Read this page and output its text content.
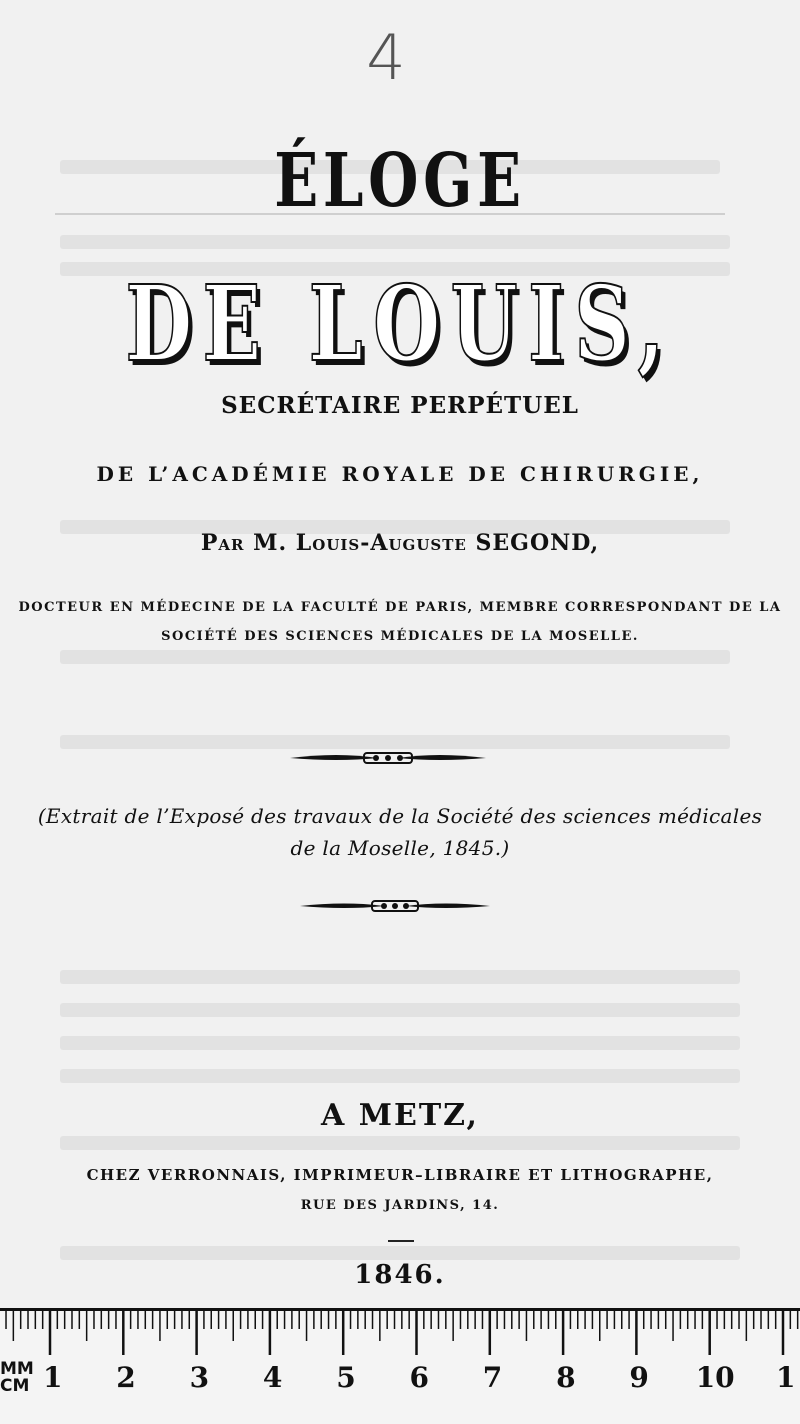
4
ÉLOGE
DE LOUIS,
SECRÉTAIRE PERPÉTUEL
DE L’ACADÉMIE ROYALE DE CHIRURGIE,
Par M. Louis-Auguste SEGOND,
DOCTEUR EN MÉDECINE DE LA FACULTÉ DE PARIS, MEMBRE CORRESPONDANT DE LA
SOCIÉTÉ DES SCIENCES MÉDICALES DE LA MOSELLE.
(Extrait de l’Exposé des travaux de la Société des sciences médicales
de la Moselle, 1845.)
A METZ,
CHEZ VERRONNAIS, IMPRIMEUR–LIBRAIRE ET LITHOGRAPHE,
RUE DES JARDINS, 14.
1846.
MM
CM 1 2 3 4 5 6 7 8 9 10 1
